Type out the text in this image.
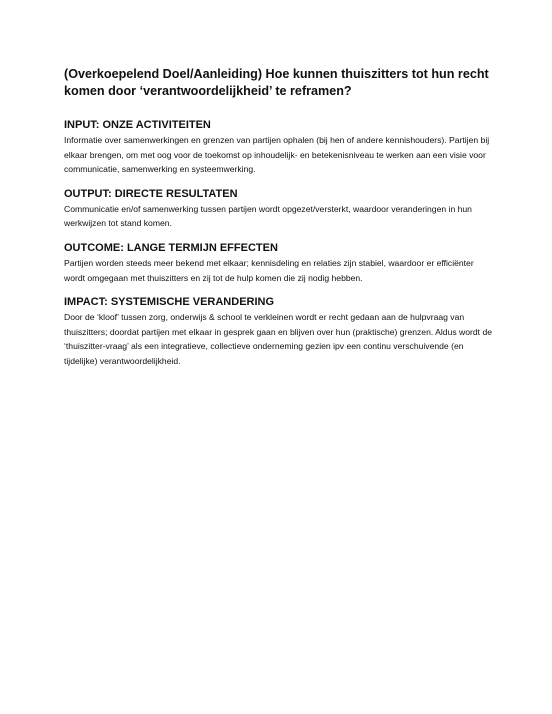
(Overkoepelend Doel/Aanleiding) Hoe kunnen thuiszitters tot hun recht komen door ‘verantwoordelijkheid’ te reframen?

INPUT: ONZE ACTIVITEITEN

Informatie over samenwerkingen en grenzen van partijen ophalen (bij hen of andere kennishouders). Partijen bij elkaar brengen, om met oog voor de toekomst op inhoudelijk- en betekenisniveau te werken aan een visie voor communicatie, samenwerking en systeemwerking.

OUTPUT: DIRECTE RESULTATEN

Communicatie en/of samenwerking tussen partijen wordt opgezet/versterkt, waardoor veranderingen in hun werkwijzen tot stand komen.

OUTCOME: LANGE TERMIJN EFFECTEN

Partijen worden steeds meer bekend met elkaar; kennisdeling en relaties zijn stabiel, waardoor er efficiënter wordt omgegaan met thuiszitters en zij tot de hulp komen die zij nodig hebben.

IMPACT: SYSTEMISCHE VERANDERING

Door de ‘kloof’ tussen zorg, onderwijs & school te verkleinen wordt er recht gedaan aan de hulpvraag van thuiszitters; doordat partijen met elkaar in gesprek gaan en blijven over hun (praktische) grenzen. Aldus wordt de ‘thuiszitter-vraag’ als een integratieve, collectieve onderneming gezien ipv een continu verschuivende (en tijdelijke) verantwoordelijkheid.
